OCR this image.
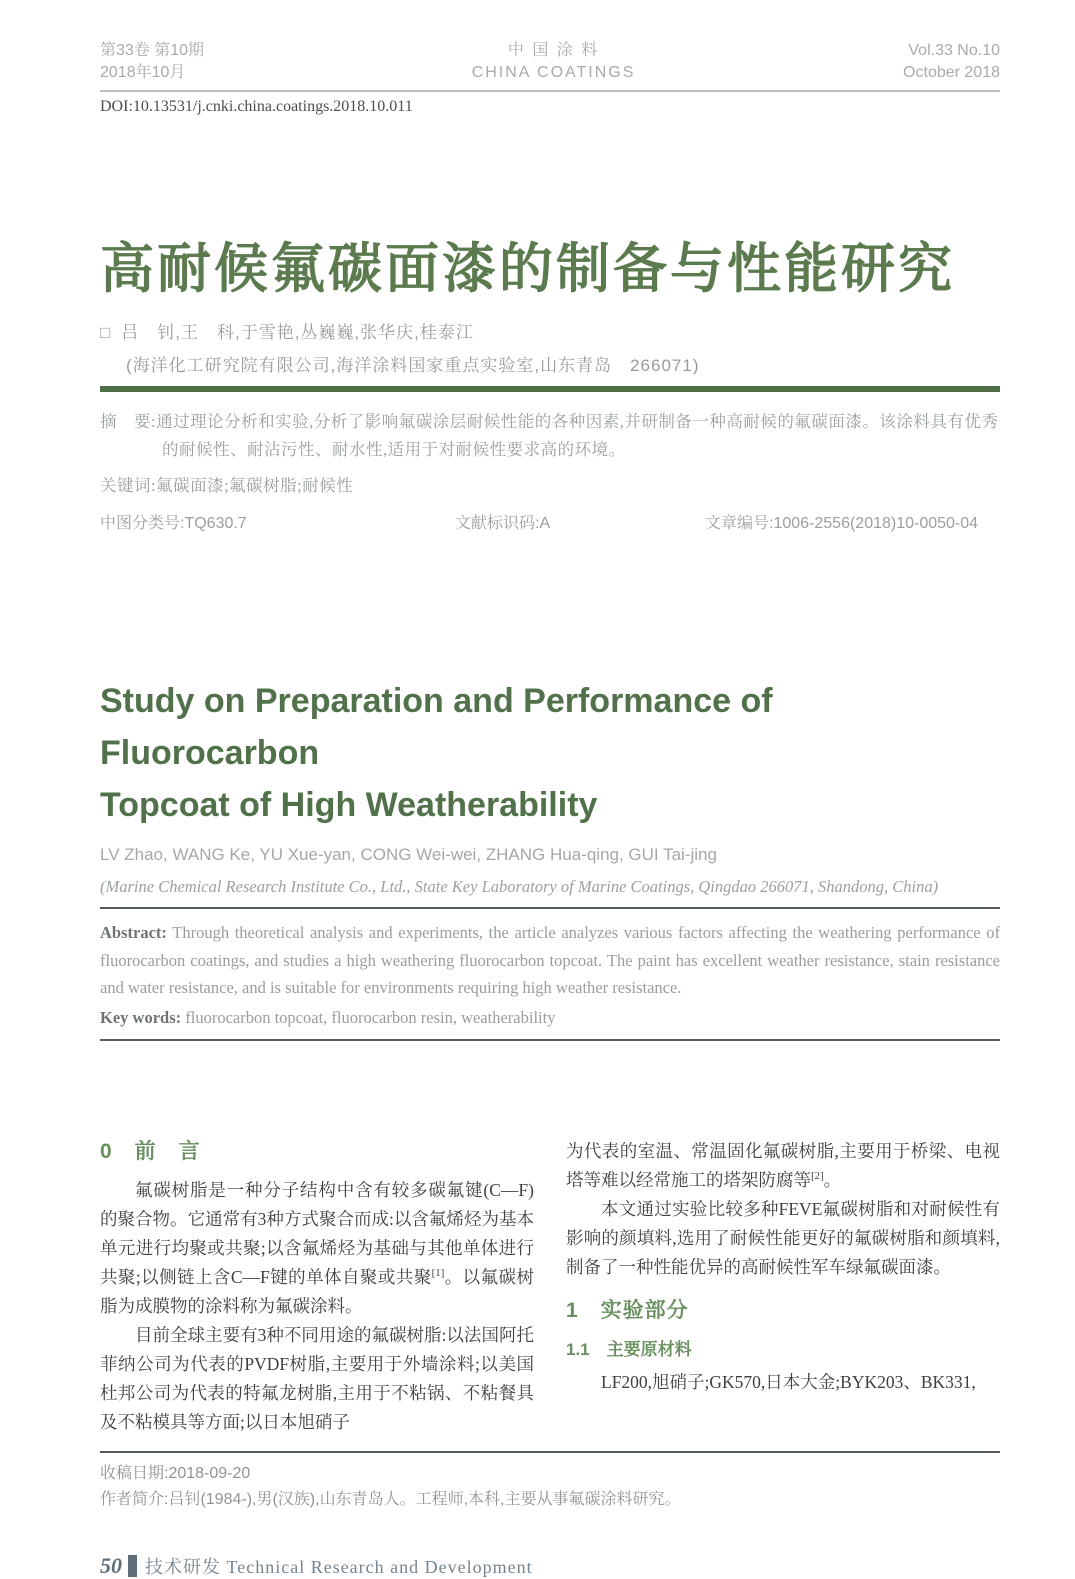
第33卷 第10期
2018年10月
中 国 涂 料
CHINA COATINGS
Vol.33 No.10
October 2018
DOI:10.13531/j.cnki.china.coatings.2018.10.011
高耐候氟碳面漆的制备与性能研究
□ 吕　钊,王　科,于雪艳,丛巍巍,张华庆,桂泰江
(海洋化工研究院有限公司,海洋涂料国家重点实验室,山东青岛　266071)

摘　要:通过理论分析和实验,分析了影响氟碳涂层耐候性能的各种因素,并研制备一种高耐候的氟碳面漆。该涂料具有优秀的耐候性、耐沾污性、耐水性,适用于对耐候性要求高的环境。

关键词:氟碳面漆;氟碳树脂;耐候性

中图分类号:TQ630.7	文献标识码:A	文章编号:1006-2556(2018)10-0050-04
Study on Preparation and Performance of Fluorocarbon
Topcoat of High Weatherability
LV Zhao, WANG Ke, YU Xue-yan, CONG Wei-wei, ZHANG Hua-qing, GUI Tai-jing
(Marine Chemical Research Institute Co., Ltd., State Key Laboratory of Marine Coatings, Qingdao 266071, Shandong, China)

Abstract: Through theoretical analysis and experiments, the article analyzes various factors affecting the weathering performance of fluorocarbon coatings, and studies a high weathering fluorocarbon topcoat. The paint has excellent weather resistance, stain resistance and water resistance, and is suitable for environments requiring high weather resistance.

Key words: fluorocarbon topcoat, fluorocarbon resin, weatherability

0　前　言

氟碳树脂是一种分子结构中含有较多碳氟键(C—F)的聚合物。它通常有3种方式聚合而成:以含氟烯烃为基本单元进行均聚或共聚;以含氟烯烃为基础与其他单体进行共聚;以侧链上含C—F键的单体自聚或共聚[1]。以氟碳树脂为成膜物的涂料称为氟碳涂料。

目前全球主要有3种不同用途的氟碳树脂:以法国阿托菲纳公司为代表的PVDF树脂,主要用于外墙涂料;以美国杜邦公司为代表的特氟龙树脂,主用于不粘锅、不粘餐具及不粘模具等方面;以日本旭硝子

为代表的室温、常温固化氟碳树脂,主要用于桥梁、电视塔等难以经常施工的塔架防腐等[2]。

本文通过实验比较多种FEVE氟碳树脂和对耐候性有影响的颜填料,选用了耐候性能更好的氟碳树脂和颜填料,制备了一种性能优异的高耐候性军车绿氟碳面漆。

1　实验部分
1.1　主要原材料

LF200,旭硝子;GK570,日本大金;BYK203、BK331,

收稿日期:2018-09-20
作者简介:吕钊(1984-),男(汉族),山东青岛人。工程师,本科,主要从事氟碳涂料研究。
50 技术研发 Technical Research and Development
